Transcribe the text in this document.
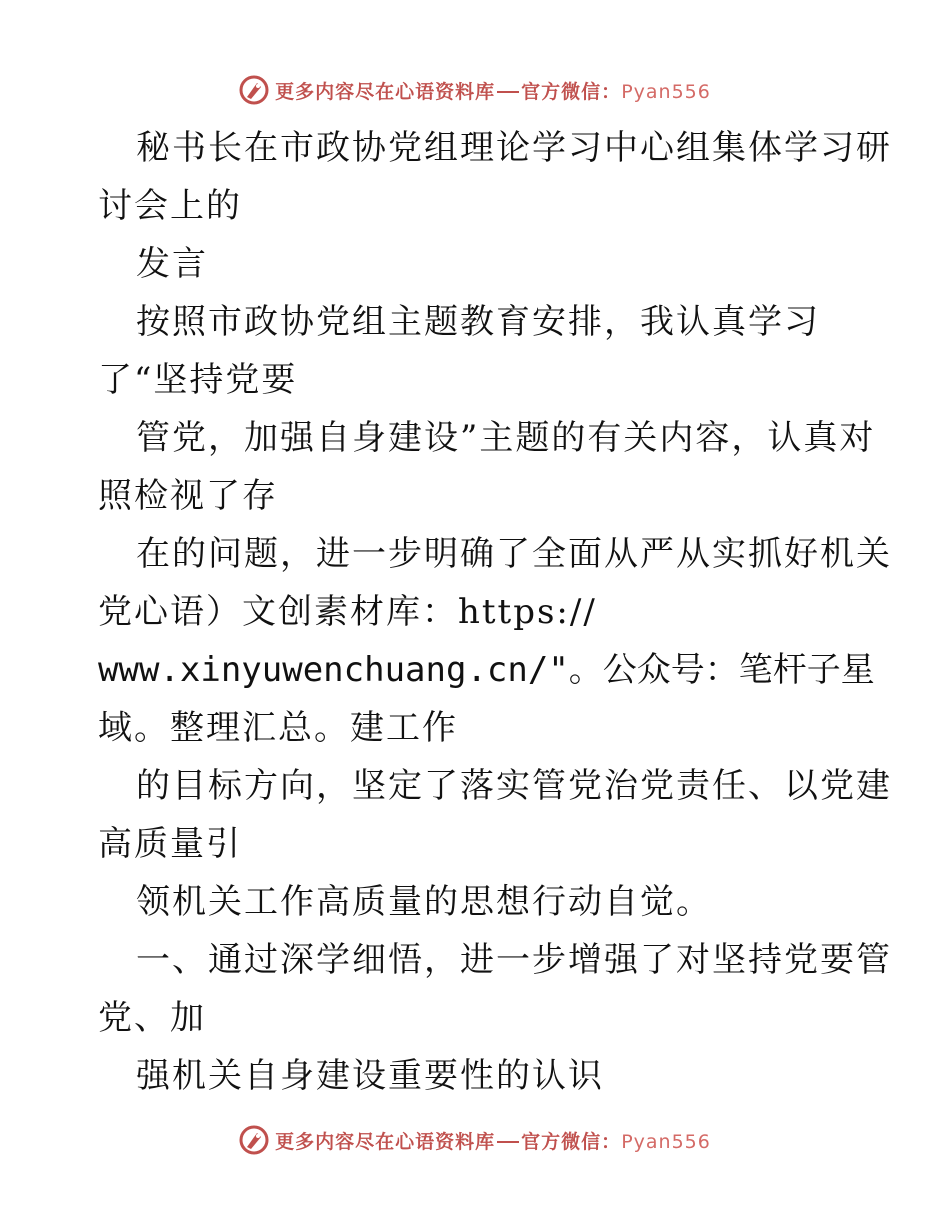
更多内容尽在心语资料库 官方微信：Pyan556
秘书长在市政协党组理论学习中心组集体学习研
讨会上的
发言
按照市政协党组主题教育安排，我认真学习
了“坚持党要
管党，加强自身建设”主题的有关内容，认真对
照检视了存
在的问题，进一步明确了全面从严从实抓好机关
党心语）文创素材库：https://
www.xinyuwenchuang.cn/"。公众号：笔杆子星
域。整理汇总。建工作
的目标方向，坚定了落实管党治党责任、以党建
高质量引
领机关工作高质量的思想行动自觉。
一、通过深学细悟，进一步增强了对坚持党要管
党、加
强机关自身建设重要性的认识
更多内容尽在心语资料库 官方微信：Pyan556
